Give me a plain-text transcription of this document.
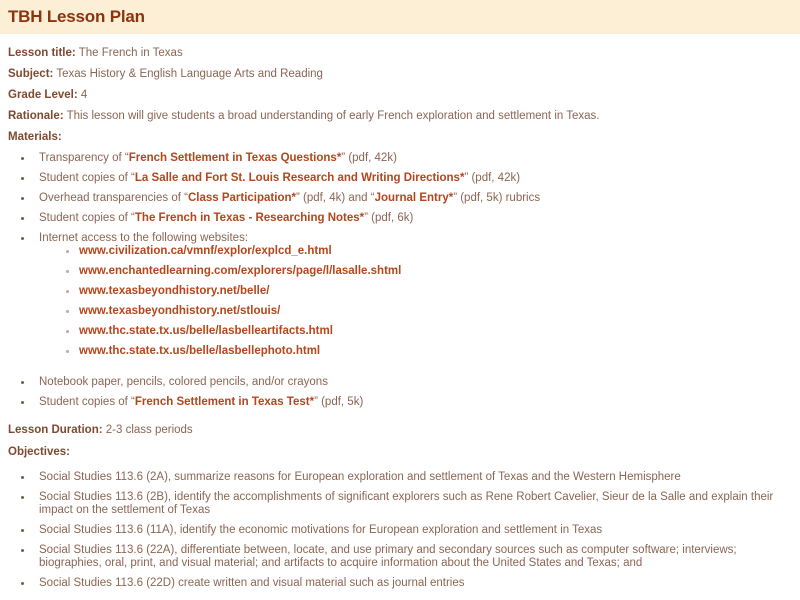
TBH Lesson Plan
Lesson title: The French in Texas
Subject: Texas History & English Language Arts and Reading
Grade Level: 4
Rationale: This lesson will give students a broad understanding of early French exploration and settlement in Texas.
Materials:
Transparency of “French Settlement in Texas Questions*” (pdf, 42k)
Student copies of “La Salle and Fort St. Louis Research and Writing Directions*” (pdf, 42k)
Overhead transparencies of “Class Participation*” (pdf, 4k) and “Journal Entry*” (pdf, 5k) rubrics
Student copies of “The French in Texas - Researching Notes*” (pdf, 6k)
Internet access to the following websites:
www.civilization.ca/vmnf/explor/explcd_e.html
www.enchantedlearning.com/explorers/page/l/lasalle.shtml
www.texasbeyondhistory.net/belle/
www.texasbeyondhistory.net/stlouis/
www.thc.state.tx.us/belle/lasbelleartifacts.html
www.thc.state.tx.us/belle/lasbellephoto.html
Notebook paper, pencils, colored pencils, and/or crayons
Student copies of “French Settlement in Texas Test*” (pdf, 5k)
Lesson Duration: 2-3 class periods
Objectives:
Social Studies 113.6 (2A), summarize reasons for European exploration and settlement of Texas and the Western Hemisphere
Social Studies 113.6 (2B), identify the accomplishments of significant explorers such as Rene Robert Cavelier, Sieur de la Salle and explain their impact on the settlement of Texas
Social Studies 113.6 (11A), identify the economic motivations for European exploration and settlement in Texas
Social Studies 113.6 (22A), differentiate between, locate, and use primary and secondary sources such as computer software; interviews; biographies, oral, print, and visual material; and artifacts to acquire information about the United States and Texas; and
Social Studies 113.6 (22D) create written and visual material such as journal entries
